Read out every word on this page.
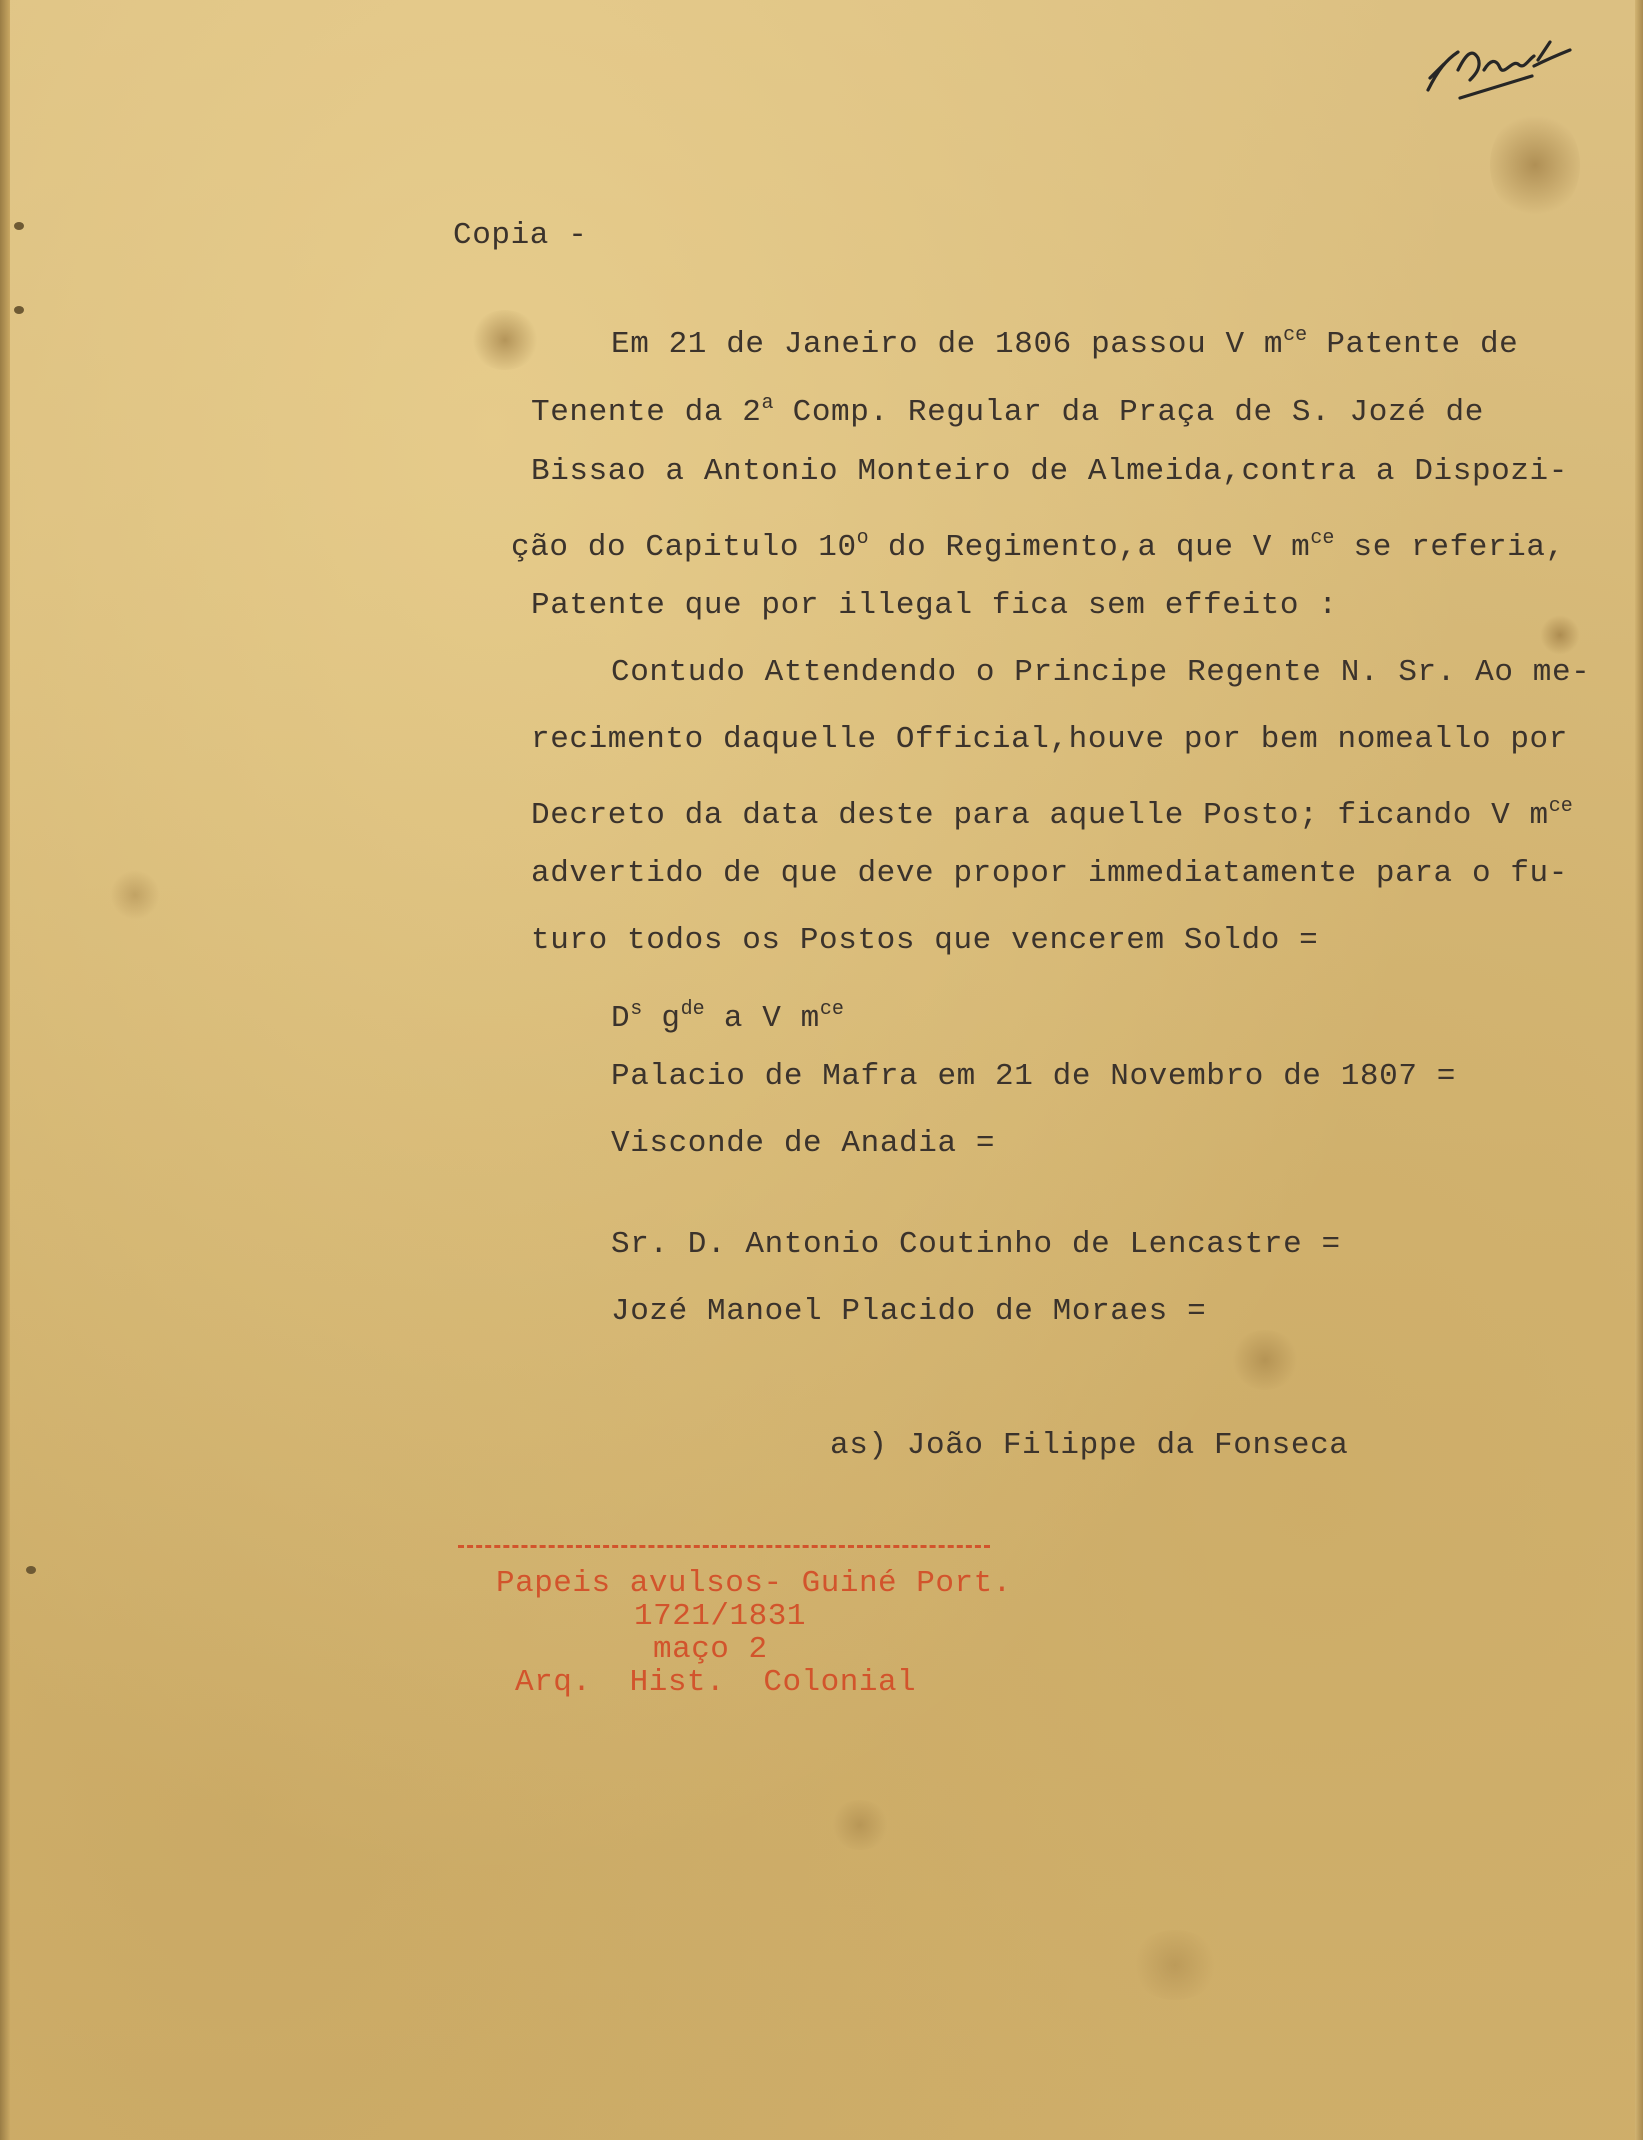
Copia -

Em 21 de Janeiro de 1806 passou V $m^{ce}$ Patente de

Tenente da 2$^a$ Comp. Regular da Praça de S. Jozé de

Bissao a Antonio Monteiro de Almeida,contra a Dispozi-

ção do Capitulo 10$^o$ do Regimento,a que V $m^{ce}$ se referia,

Patente que por illegal fica sem effeito :

Contudo Attendendo o Principe Regente N. Sr. Ao me-

recimento daquelle Official,houve por bem nomeallo por

Decreto da data deste para aquelle Posto; ficando V $m^{ce}$

advertido de que deve propor immediatamente para o fu-

turo todos os Postos que vencerem Soldo =

$D^s$ $g^{de}$ a V $m^{ce}$

Palacio de Mafra em 21 de Novembro de 1807 =

Visconde de Anadia =

Sr. D. Antonio Coutinho de Lencastre =

Jozé Manoel Placido de Moraes =

as) João Filippe da Fonseca

Papeis avulsos- Guiné Port.

1721/1831

maço 2

Arq.  Hist.  Colonial
